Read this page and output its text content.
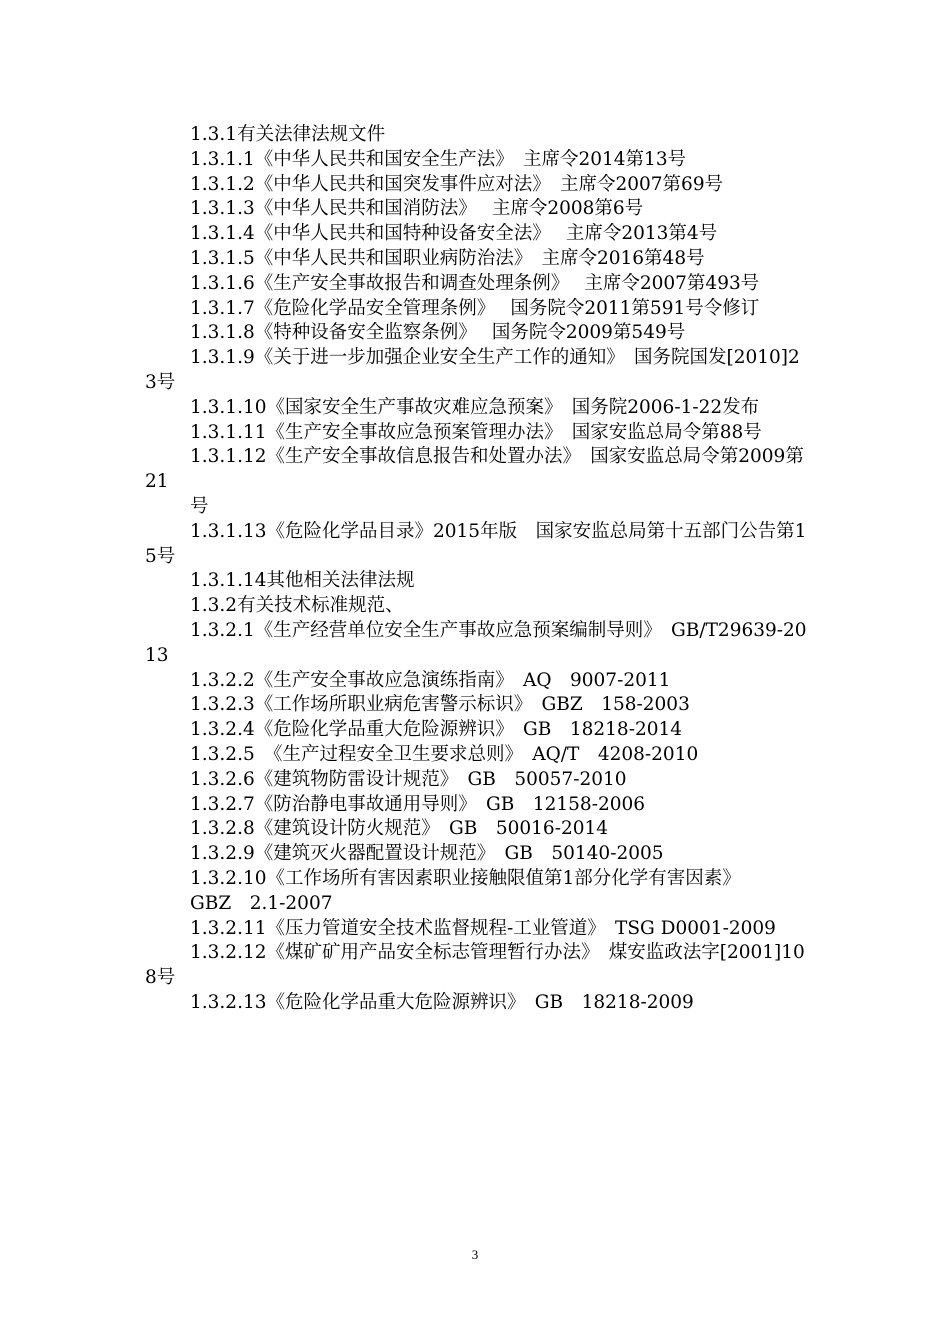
1.3.1有关法律法规文件

1.3.1.1《中华人民共和国安全生产法》　主席令2014第13号

1.3.1.2《中华人民共和国突发事件应对法》　主席令2007第69号

1.3.1.3《中华人民共和国消防法》　 主席令2008第6号

1.3.1.4《中华人民共和国特种设备安全法》　 主席令2013第4号

1.3.1.5《中华人民共和国职业病防治法》　主席令2016第48号

1.3.1.6《生产安全事故报告和调查处理条例》　 主席令2007第493号

1.3.1.7《危险化学品安全管理条例》　 国务院令2011第591号令修订

1.3.1.8《特种设备安全监察条例》　 国务院令2009第549号

1.3.1.9《关于进一步加强企业安全生产工作的通知》　国务院国发[2010]23号

1.3.1.10《国家安全生产事故灾难应急预案》　国务院2006-1-22发布

1.3.1.11《生产安全事故应急预案管理办法》　国家安监总局令第88号

1.3.1.12《生产安全事故信息报告和处置办法》　国家安监总局令第2009第21

号

1.3.1.13《危险化学品目录》2015年版　国家安监总局第十五部门公告第15号

1.3.1.14其他相关法律法规

1.3.2有关技术标准规范、

1.3.2.1《生产经营单位安全生产事故应急预案编制导则》　GB/T29639-2013

1.3.2.2《生产安全事故应急演练指南》　AQ　9007-2011

1.3.2.3《工作场所职业病危害警示标识》　GBZ　158-2003

1.3.2.4《危险化学品重大危险源辨识》　GB　18218-2014

1.3.2.5　《生产过程安全卫生要求总则》　AQ/T　4208-2010

1.3.2.6《建筑物防雷设计规范》　GB　50057-2010

1.3.2.7《防治静电事故通用导则》　GB　12158-2006

1.3.2.8《建筑设计防火规范》　GB　50016-2014

1.3.2.9《建筑灭火器配置设计规范》　GB　50140-2005

1.3.2.10《工作场所有害因素职业接触限值第1部分化学有害因素》

GBZ　2.1-2007

1.3.2.11《压力管道安全技术监督规程-工业管道》　TSG D0001-2009

1.3.2.12《煤矿矿用产品安全标志管理暂行办法》　煤安监政法字[2001]108号

1.3.2.13《危险化学品重大危险源辨识》　GB　18218-2009

3
